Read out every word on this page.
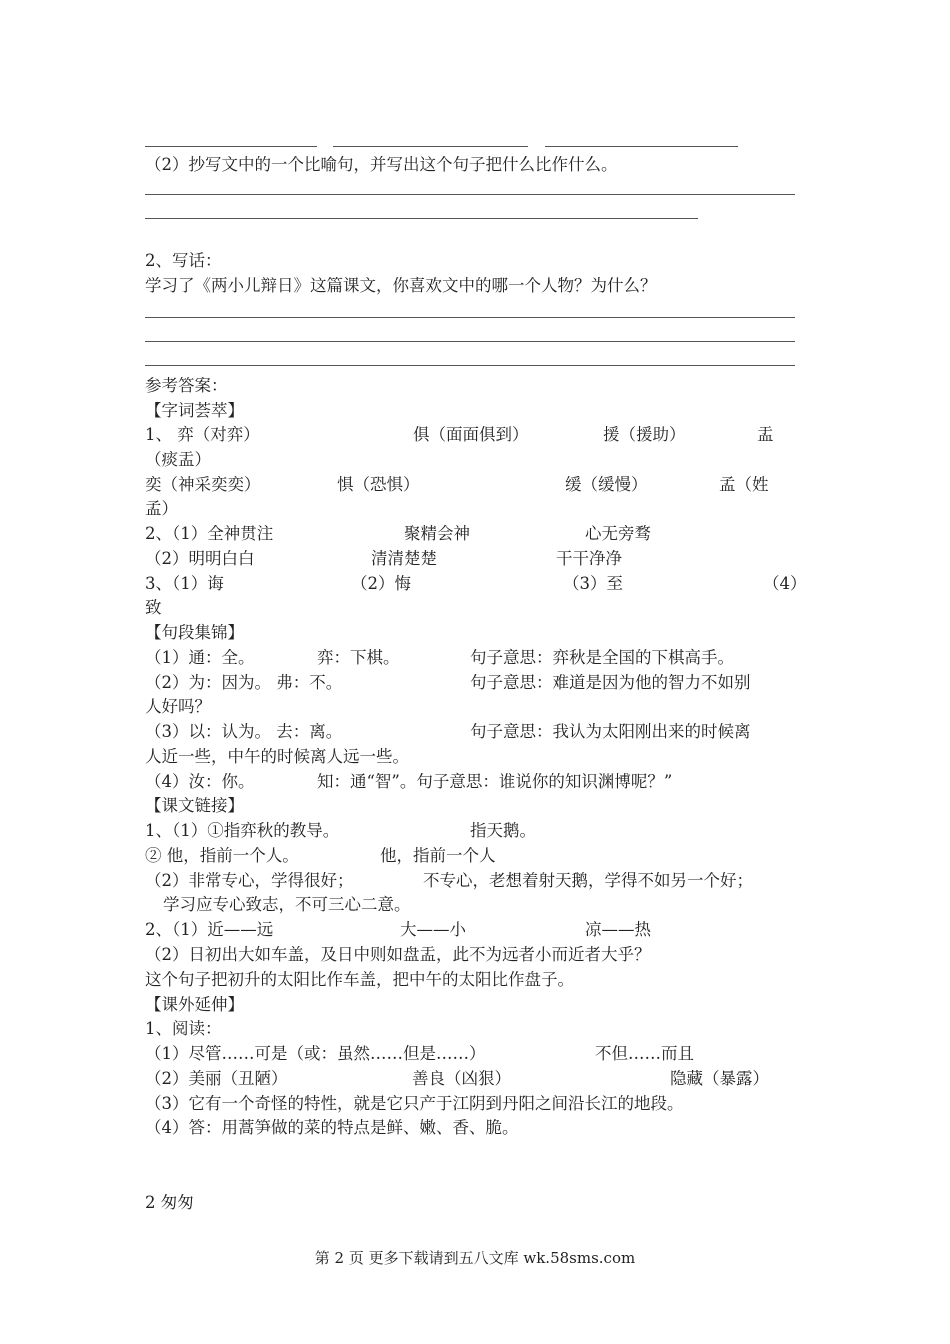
（2）抄写文中的一个比喻句，并写出这个句子把什么比作什么。
2、写话：
学习了《两小儿辩日》这篇课文，你喜欢文中的哪一个人物？为什么？
参考答案：
【字词荟萃】
1、 弈（对弈）	俱（面面俱到）	援（援助）	盂
（痰盂）
奕（神采奕奕）	惧（恐惧）	缓（缓慢）	孟（姓
孟）
2、（1）全神贯注	聚精会神	心无旁骛
（2）明明白白	清清楚楚	干干净净
3、（1）诲	（2）悔	（3）至	（4）
致
【句段集锦】
（1）通：全。	弈：下棋。	句子意思：弈秋是全国的下棋高手。
（2）为：因为。 弗：不。	句子意思：难道是因为他的智力不如别
人好吗？
（3）以：认为。 去：离。	句子意思：我认为太阳刚出来的时候离
人近一些，中午的时候离人远一些。
（4）汝：你。	知：通“智”。句子意思：谁说你的知识渊博呢？”
【课文链接】
1、（1）①指弈秋的教导。	指天鹅。
② 他，指前一个人。	他，指前一个人
（2）非常专心，学得很好；	不专心，老想着射天鹅，学得不如另一个好；
学习应专心致志，不可三心二意。
2、（1）近——远	大——小	凉——热
（2）日初出大如车盖，及日中则如盘盂，此不为远者小而近者大乎？
这个句子把初升的太阳比作车盖，把中午的太阳比作盘子。
【课外延伸】
1、阅读：
（1）尽管……可是（或：虽然……但是……）	不但……而且
（2）美丽（丑陋）	善良（凶狠）	隐藏（暴露）
（3）它有一个奇怪的特性，就是它只产于江阴到丹阳之间沿长江的地段。
（4）答：用蒿笋做的菜的特点是鲜、嫩、香、脆。
2 匆匆
第 2 页 更多下载请到五八文库 wk.58sms.com
